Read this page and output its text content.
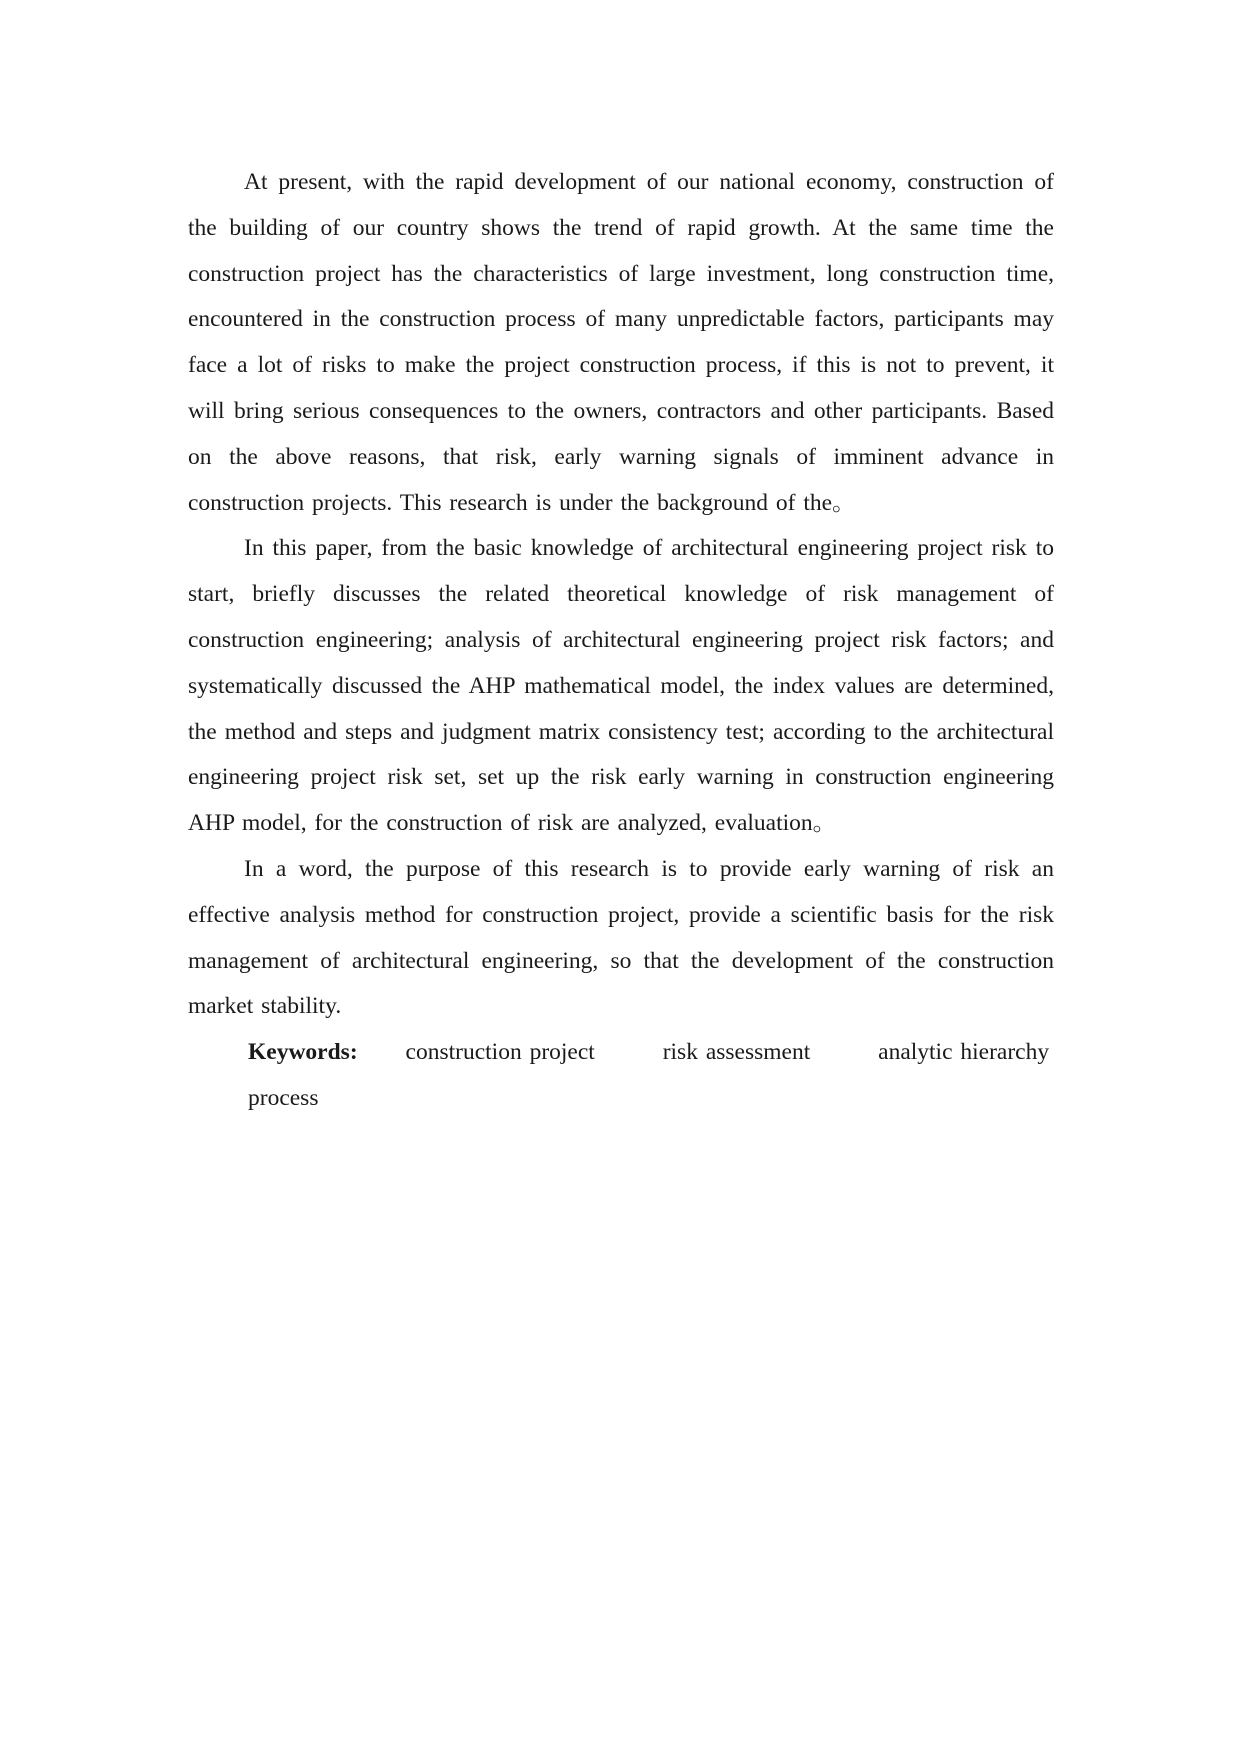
At present, with the rapid development of our national economy, construction of the building of our country shows the trend of rapid growth. At the same time the construction project has the characteristics of large investment, long construction time, encountered in the construction process of many unpredictable factors, participants may face a lot of risks to make the project construction process, if this is not to prevent, it will bring serious consequences to the owners, contractors and other participants. Based on the above reasons, that risk, early warning signals of imminent advance in construction projects. This research is under the background of the。

In this paper, from the basic knowledge of architectural engineering project risk to start, briefly discusses the related theoretical knowledge of risk management of construction engineering; analysis of architectural engineering project risk factors; and systematically discussed the AHP mathematical model, the index values are determined, the method and steps and judgment matrix consistency test; according to the architectural engineering project risk set, set up the risk early warning in construction engineering AHP model, for the construction of risk are analyzed, evaluation。

In a word, the purpose of this research is to provide early warning of risk an effective analysis method for construction project, provide a scientific basis for the risk management of architectural engineering, so that the development of the construction market stability.

Keywords: construction project	risk assessment	analytic hierarchy process
